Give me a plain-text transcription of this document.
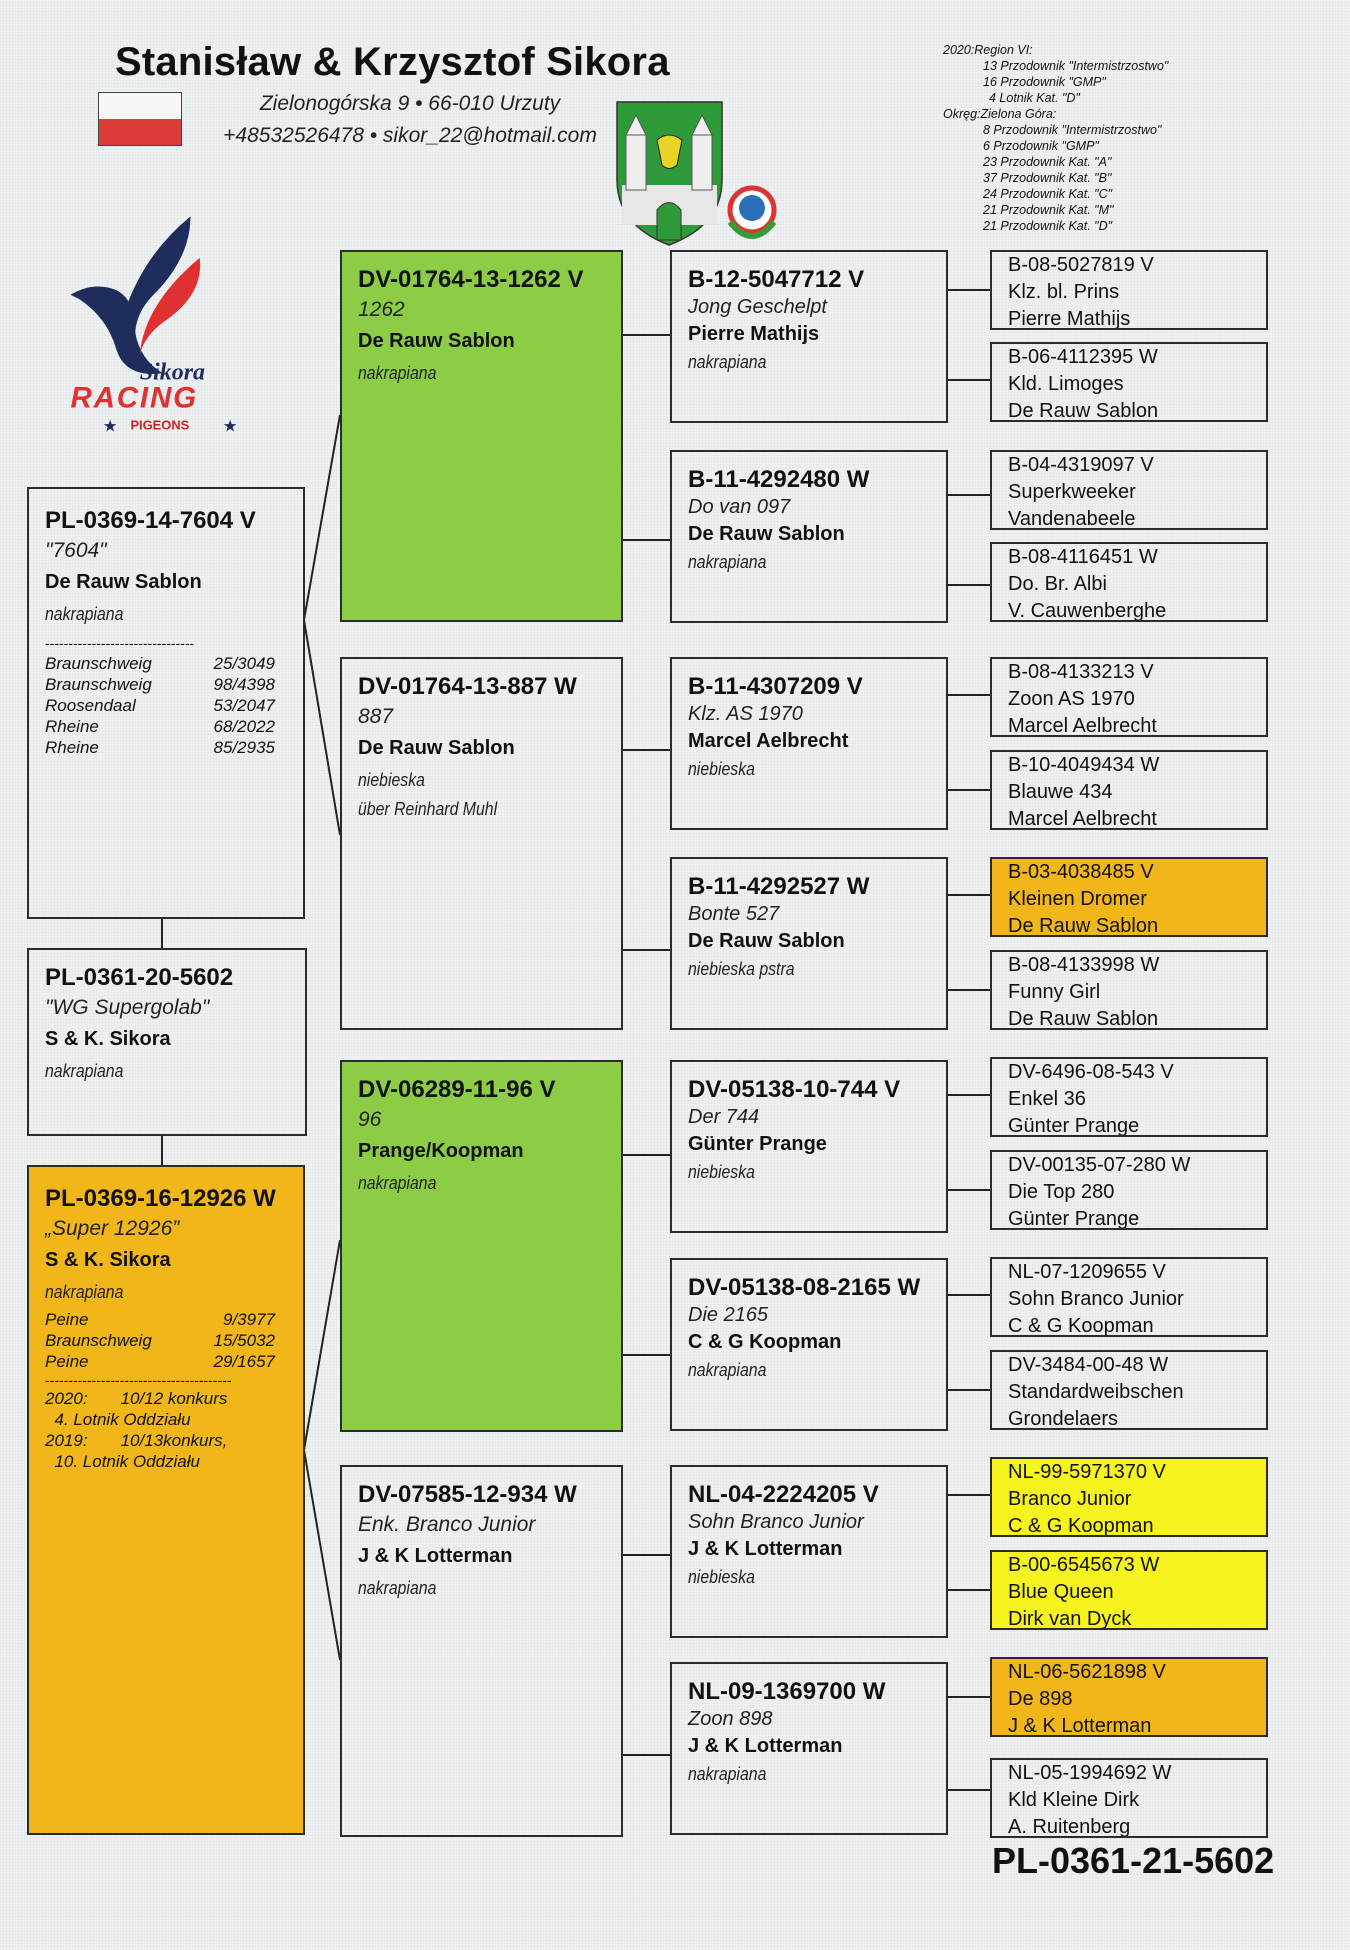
Stanisław & Krzysztof Sikora
Zielonogórska 9 • 66-010 Urzuty
+48532526478 • sikor_22@hotmail.com
Sikora
RACING
PIGEONS
★	★
2020:Region VI:
13 Przodownik "Intermistrzostwo"
16 Przodownik "GMP"
4 Lotnik Kat. "D"
Okręg:Zielona Góra:
8 Przodownik "Intermistrzostwo"
6 Przodownik "GMP"
23 Przodownik Kat. "A"
37 Przodownik Kat. "B"
24 Przodownik Kat. "C"
21 Przodownik Kat. "M"
21 Przodownik Kat. "D"
PL-0361-20-5602
"WG Supergolab"
S & K. Sikora
nakrapiana
PL-0369-14-7604 V
"7604"
De Rauw Sablon
nakrapiana
--------------------------------
Braunschweig	25/3049
Braunschweig	98/4398
Roosendaal	53/2047
Rheine	68/2022
Rheine	85/2935
PL-0369-16-12926 W
„Super 12926”
S & K. Sikora
nakrapiana
Peine	9/3977
Braunschweig	15/5032
Peine	29/1657
----------------------------------------
2020:       10/12 konkurs
4. Lotnik Oddziału
2019:       10/13konkurs,
10. Lotnik Oddziału
DV-01764-13-1262 V
1262
De Rauw Sablon
nakrapiana
DV-01764-13-887 W
887
De Rauw Sablon
niebieska
über Reinhard Muhl
DV-06289-11-96 V
96
Prange/Koopman
nakrapiana
DV-07585-12-934 W
Enk. Branco Junior
J & K Lotterman
nakrapiana
B-12-5047712 V
Jong Geschelpt
Pierre Mathijs
nakrapiana
B-11-4292480 W
Do van 097
De Rauw Sablon
nakrapiana
B-11-4307209 V
Klz. AS 1970
Marcel Aelbrecht
niebieska
B-11-4292527 W
Bonte 527
De Rauw Sablon
niebieska pstra
DV-05138-10-744 V
Der 744
Günter Prange
niebieska
DV-05138-08-2165 W
Die 2165
C & G Koopman
nakrapiana
NL-04-2224205 V
Sohn Branco Junior
J & K Lotterman
niebieska
NL-09-1369700 W
Zoon 898
J & K Lotterman
nakrapiana
B-08-5027819 V
Klz. bl. Prins
Pierre Mathijs
B-06-4112395 W
Kld. Limoges
De Rauw Sablon
B-04-4319097 V
Superkweeker
Vandenabeele
B-08-4116451 W
Do. Br. Albi
V. Cauwenberghe
B-08-4133213 V
Zoon AS 1970
Marcel Aelbrecht
B-10-4049434 W
Blauwe 434
Marcel Aelbrecht
B-03-4038485 V
Kleinen Dromer
De Rauw Sablon
B-08-4133998 W
Funny Girl
De Rauw Sablon
DV-6496-08-543 V
Enkel 36
Günter Prange
DV-00135-07-280 W
Die Top 280
Günter Prange
NL-07-1209655 V
Sohn Branco Junior
C & G Koopman
DV-3484-00-48 W
Standardweibschen
Grondelaers
NL-99-5971370 V
Branco Junior
C & G Koopman
B-00-6545673 W
Blue Queen
Dirk van Dyck
NL-06-5621898 V
De 898
J & K Lotterman
NL-05-1994692 W
Kld Kleine Dirk
A. Ruitenberg
PL-0361-21-5602
